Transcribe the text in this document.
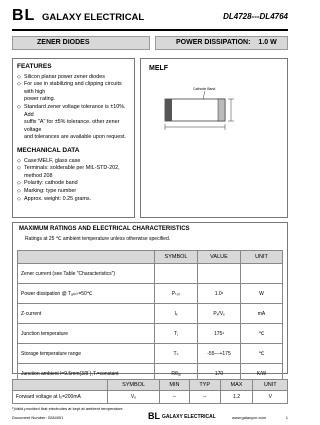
BL GALAXY ELECTRICAL	DL4728---DL4764
ZENER DIODES	POWER DISSIPATION: 1.0 W
FEATURES
◇ Silicon planar power zener diodes
◇ For use in stabilizing and clipping circuits with high
power rating.
◇ Standard zener voltage tolerance is ±10%. Add
suffix "A" for ±5% tolerance. other zener voltage
and tolerances are available upon request.
MECHANICAL DATA
◇ Case:MELF, glass case
◇ Terminals: solderable per MIL-STD-202, method 208
◇ Polarity: cathode band
◇ Marking: type number
◇ Approx. weight: 0.25 grams.
MELF
Cathode Band
MAXIMUM RATINGS AND ELECTRICAL CHARACTERISTICS
Ratings at 25 ℃ ambient temperature unless otherwise specified.
	SYMBOL	VALUE	UNIT
Zener current (see Table "Characteristics")			
Power dissipation @ Tₐₘ♭=50℃	Pₜₒₜ	1.0¹	W
Z-current	Iₓ	Pₓ/Vₓ	mA
Junction temperature	Tⱼ	175¹	℃
Storage temperature range	Tₛ	-55---+175	℃
Junction ambient l=9.5mm(3/8´),Tₗ=constant	Rθⱼₐ	170	K/W
	SYMBOL	MIN	TYP	MAX	UNIT
Forward voltage at Iₒ=200mA	Vₒ	--	--	1.2	V
¹)Valid provided that electrodes at kept at ambient temperature.
Document Number: 0284001	BL GALAXY ELECTRICAL	www.galaxycn.com	1
